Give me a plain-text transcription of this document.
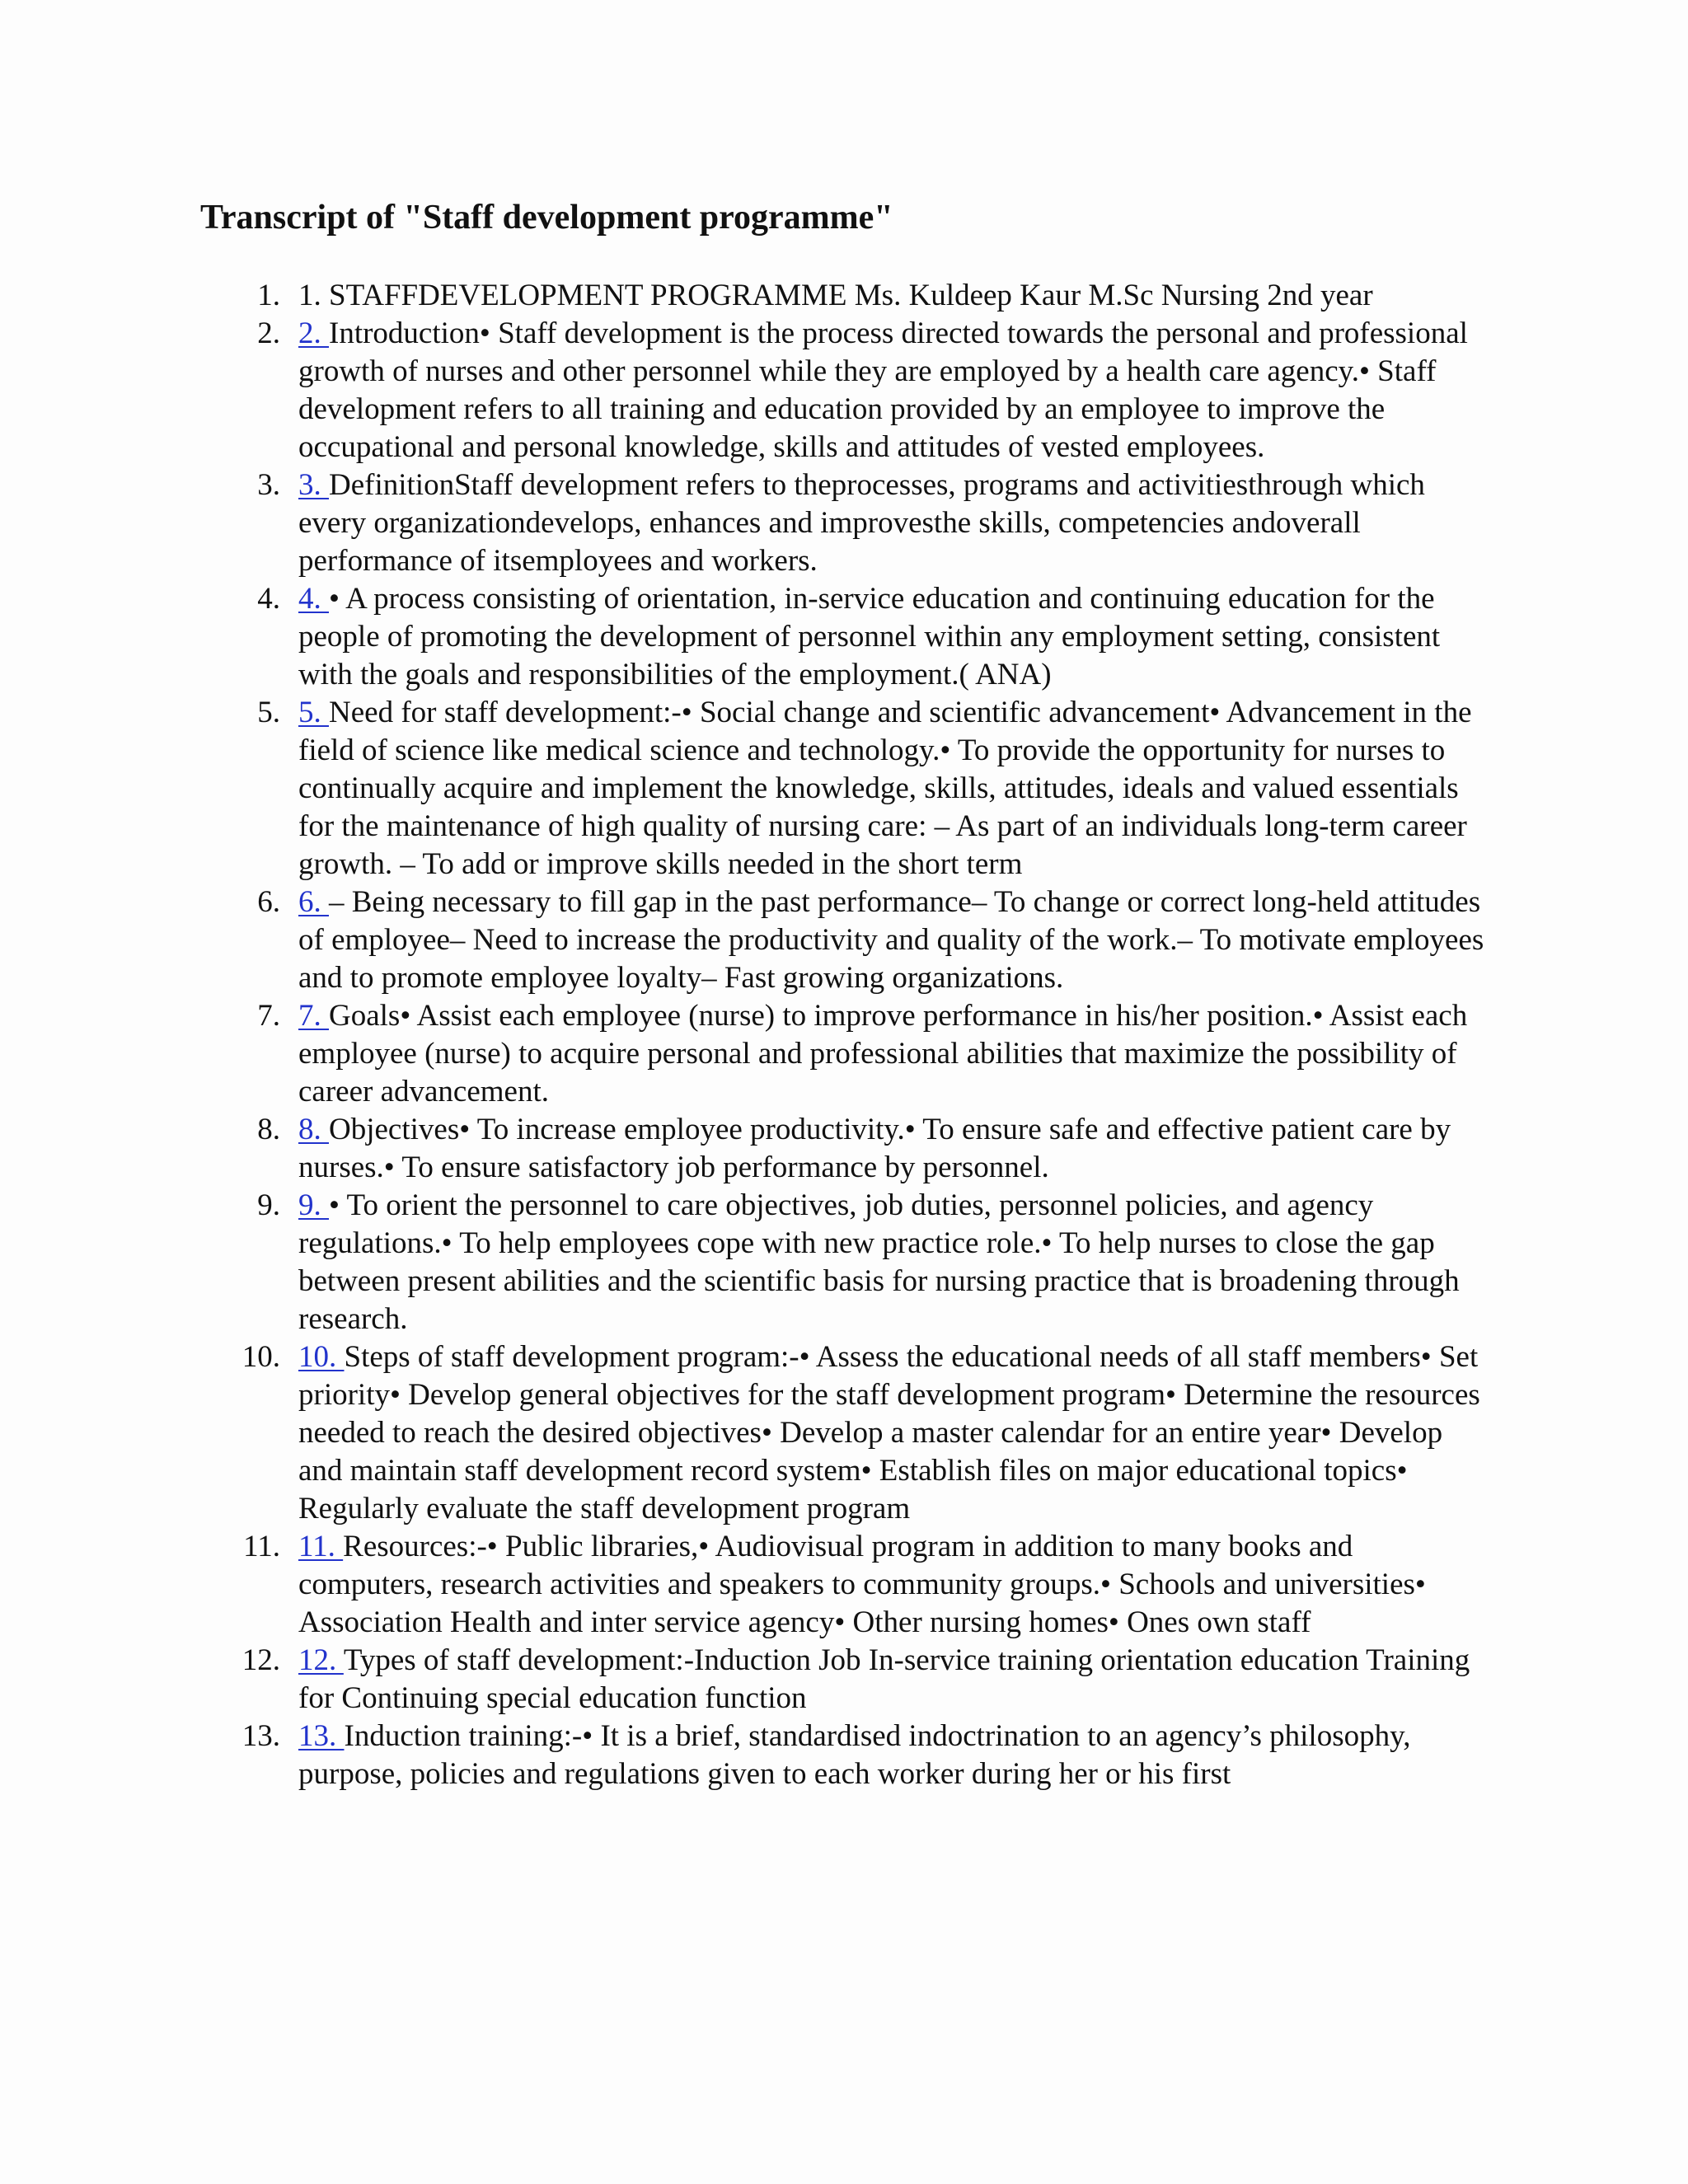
Transcript of "Staff development programme"
1. 1. STAFFDEVELOPMENT PROGRAMME Ms. Kuldeep Kaur M.Sc Nursing 2nd year
2. 2. Introduction• Staff development is the process directed towards the personal and professional growth of nurses and other personnel while they are employed by a health care agency.• Staff development refers to all training and education provided by an employee to improve the occupational and personal knowledge, skills and attitudes of vested employees.
3. 3. DefinitionStaff development refers to theprocesses, programs and activitiesthrough which every organizationdevelops, enhances and improvesthe skills, competencies andoverall performance of itsemployees and workers.
4. 4. • A process consisting of orientation, in-service education and continuing education for the people of promoting the development of personnel within any employment setting, consistent with the goals and responsibilities of the employment.( ANA)
5. 5. Need for staff development:-• Social change and scientific advancement• Advancement in the field of science like medical science and technology.• To provide the opportunity for nurses to continually acquire and implement the knowledge, skills, attitudes, ideals and valued essentials for the maintenance of high quality of nursing care: – As part of an individuals long-term career growth. – To add or improve skills needed in the short term
6. 6. – Being necessary to fill gap in the past performance– To change or correct long-held attitudes of employee– Need to increase the productivity and quality of the work.– To motivate employees and to promote employee loyalty– Fast growing organizations.
7. 7. Goals• Assist each employee (nurse) to improve performance in his/her position.• Assist each employee (nurse) to acquire personal and professional abilities that maximize the possibility of career advancement.
8. 8. Objectives• To increase employee productivity.• To ensure safe and effective patient care by nurses.• To ensure satisfactory job performance by personnel.
9. 9. • To orient the personnel to care objectives, job duties, personnel policies, and agency regulations.• To help employees cope with new practice role.• To help nurses to close the gap between present abilities and the scientific basis for nursing practice that is broadening through research.
10. 10. Steps of staff development program:-• Assess the educational needs of all staff members• Set priority• Develop general objectives for the staff development program• Determine the resources needed to reach the desired objectives• Develop a master calendar for an entire year• Develop and maintain staff development record system• Establish files on major educational topics• Regularly evaluate the staff development program
11. 11. Resources:-• Public libraries,• Audiovisual program in addition to many books and computers, research activities and speakers to community groups.• Schools and universities• Association Health and inter service agency• Other nursing homes• Ones own staff
12. 12. Types of staff development:-Induction Job In-service training orientation education Training for Continuing special education function
13. 13. Induction training:-• It is a brief, standardised indoctrination to an agency’s philosophy, purpose, policies and regulations given to each worker during her or his first
